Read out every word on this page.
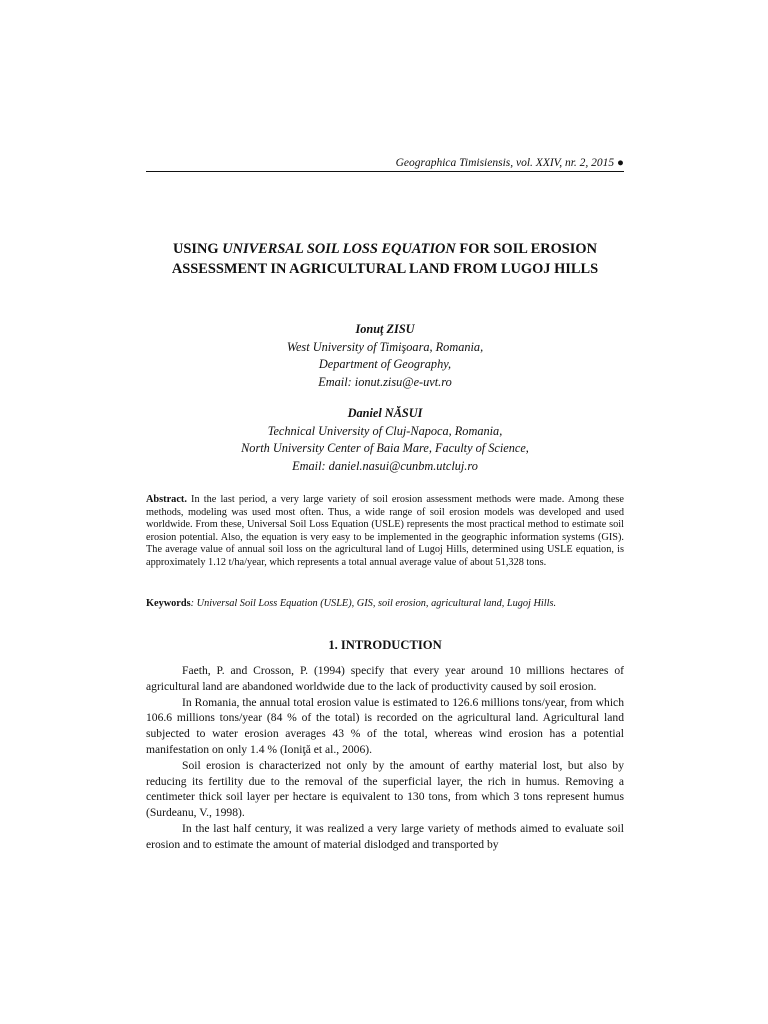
Geographica Timisiensis, vol. XXIV, nr. 2, 2015 ●
USING UNIVERSAL SOIL LOSS EQUATION FOR SOIL EROSION ASSESSMENT IN AGRICULTURAL LAND FROM LUGOJ HILLS
Ionuţ ZISU
West University of Timişoara, Romania,
Department of Geography,
Email: ionut.zisu@e-uvt.ro
Daniel NĂSUI
Technical University of Cluj-Napoca, Romania,
North University Center of Baia Mare, Faculty of Science,
Email: daniel.nasui@cunbm.utcluj.ro

Abstract. In the last period, a very large variety of soil erosion assessment methods were made. Among these methods, modeling was used most often. Thus, a wide range of soil erosion models was developed and used worldwide. From these, Universal Soil Loss Equation (USLE) represents the most practical method to estimate soil erosion potential. Also, the equation is very easy to be implemented in the geographic information systems (GIS). The average value of annual soil loss on the agricultural land of Lugoj Hills, determined using USLE equation, is approximately 1.12 t/ha/year, which represents a total annual average value of about 51,328 tons.

Keywords: Universal Soil Loss Equation (USLE), GIS, soil erosion, agricultural land, Lugoj Hills.

1. INTRODUCTION

Faeth, P. and Crosson, P. (1994) specify that every year around 10 millions hectares of agricultural land are abandoned worldwide due to the lack of productivity caused by soil erosion.

In Romania, the annual total erosion value is estimated to 126.6 millions tons/year, from which 106.6 millions tons/year (84 % of the total) is recorded on the agricultural land. Agricultural land subjected to water erosion averages 43 % of the total, whereas wind erosion has a potential manifestation on only 1.4 % (Ioniţă et al., 2006).

Soil erosion is characterized not only by the amount of earthy material lost, but also by reducing its fertility due to the removal of the superficial layer, the rich in humus. Removing a centimeter thick soil layer per hectare is equivalent to 130 tons, from which 3 tons represent humus (Surdeanu, V., 1998).

In the last half century, it was realized a very large variety of methods aimed to evaluate soil erosion and to estimate the amount of material dislodged and transported by
